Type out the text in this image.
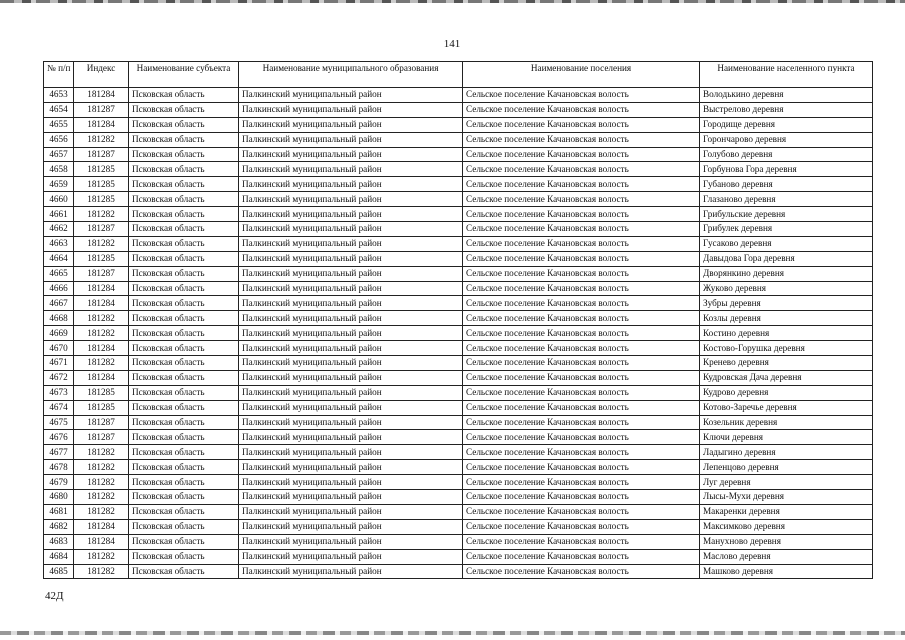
141
№ п/п	Индекс	Наименование субъекта	Наименование муниципального образования	Наименование поселения	Наименование населенного пункта
4653	181284	Псковская область	Палкинский муниципальный район	Сельское поселение Качановская волость	Володькино деревня
4654	181287	Псковская область	Палкинский муниципальный район	Сельское поселение Качановская волость	Выстрелово деревня
4655	181284	Псковская область	Палкинский муниципальный район	Сельское поселение Качановская волость	Городище деревня
4656	181282	Псковская область	Палкинский муниципальный район	Сельское поселение Качановская волость	Горончарово деревня
4657	181287	Псковская область	Палкинский муниципальный район	Сельское поселение Качановская волость	Голубово деревня
4658	181285	Псковская область	Палкинский муниципальный район	Сельское поселение Качановская волость	Горбунова Гора деревня
4659	181285	Псковская область	Палкинский муниципальный район	Сельское поселение Качановская волость	Губаново деревня
4660	181285	Псковская область	Палкинский муниципальный район	Сельское поселение Качановская волость	Глазаново деревня
4661	181282	Псковская область	Палкинский муниципальный район	Сельское поселение Качановская волость	Грибульские деревня
4662	181287	Псковская область	Палкинский муниципальный район	Сельское поселение Качановская волость	Грибулек деревня
4663	181282	Псковская область	Палкинский муниципальный район	Сельское поселение Качановская волость	Гусаково деревня
4664	181285	Псковская область	Палкинский муниципальный район	Сельское поселение Качановская волость	Давыдова Гора деревня
4665	181287	Псковская область	Палкинский муниципальный район	Сельское поселение Качановская волость	Дворянкино деревня
4666	181284	Псковская область	Палкинский муниципальный район	Сельское поселение Качановская волость	Жуково деревня
4667	181284	Псковская область	Палкинский муниципальный район	Сельское поселение Качановская волость	Зубры деревня
4668	181282	Псковская область	Палкинский муниципальный район	Сельское поселение Качановская волость	Козлы деревня
4669	181282	Псковская область	Палкинский муниципальный район	Сельское поселение Качановская волость	Костино деревня
4670	181284	Псковская область	Палкинский муниципальный район	Сельское поселение Качановская волость	Костово-Горушка деревня
4671	181282	Псковская область	Палкинский муниципальный район	Сельское поселение Качановская волость	Кренево деревня
4672	181284	Псковская область	Палкинский муниципальный район	Сельское поселение Качановская волость	Кудровская Дача деревня
4673	181285	Псковская область	Палкинский муниципальный район	Сельское поселение Качановская волость	Кудрово деревня
4674	181285	Псковская область	Палкинский муниципальный район	Сельское поселение Качановская волость	Котово-Заречье деревня
4675	181287	Псковская область	Палкинский муниципальный район	Сельское поселение Качановская волость	Козельник деревня
4676	181287	Псковская область	Палкинский муниципальный район	Сельское поселение Качановская волость	Ключи деревня
4677	181282	Псковская область	Палкинский муниципальный район	Сельское поселение Качановская волость	Ладыгино деревня
4678	181282	Псковская область	Палкинский муниципальный район	Сельское поселение Качановская волость	Лепенцово деревня
4679	181282	Псковская область	Палкинский муниципальный район	Сельское поселение Качановская волость	Луг деревня
4680	181282	Псковская область	Палкинский муниципальный район	Сельское поселение Качановская волость	Лысы-Мухи деревня
4681	181282	Псковская область	Палкинский муниципальный район	Сельское поселение Качановская волость	Макаренки деревня
4682	181284	Псковская область	Палкинский муниципальный район	Сельское поселение Качановская волость	Максимково деревня
4683	181284	Псковская область	Палкинский муниципальный район	Сельское поселение Качановская волость	Манухново деревня
4684	181282	Псковская область	Палкинский муниципальный район	Сельское поселение Качановская волость	Маслово деревня
4685	181282	Псковская область	Палкинский муниципальный район	Сельское поселение Качановская волость	Машково деревня
42Д
